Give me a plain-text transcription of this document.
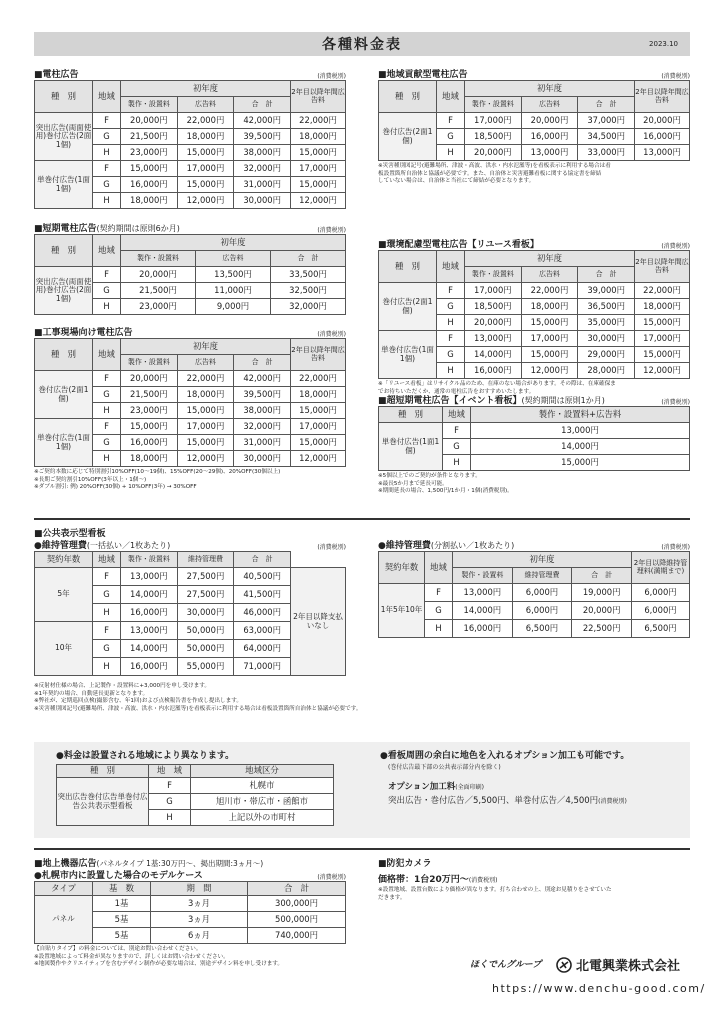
各種料金表	2023.10
■電柱広告	(消費税別)
種　別	地域	初年度			2年目以降年間広告料
		製作・設置料	広告料	合　計	
突出広告(両面使用)巻付広告(2面1個)	F	20,000円	22,000円	42,000円	22,000円
	G	21,500円	18,000円	39,500円	18,000円
	H	23,000円	15,000円	38,000円	15,000円
単巻付広告(1面1個)	F	15,000円	17,000円	32,000円	17,000円
	G	16,000円	15,000円	31,000円	15,000円
	H	18,000円	12,000円	30,000円	12,000円
■短期電柱広告(契約期間は原則6か月)	(消費税別)
種　別	地域	初年度		
		製作・設置料	広告料	合　計
突出広告(両面使用)巻付広告(2面1個)	F	20,000円	13,500円	33,500円
	G	21,500円	11,000円	32,500円
	H	23,000円	9,000円	32,000円
■工事現場向け電柱広告	(消費税別)
種　別	地域	初年度			2年目以降年間広告料
		製作・設置料	広告料	合　計	
巻付広告(2面1個)	F	20,000円	22,000円	42,000円	22,000円
	G	21,500円	18,000円	39,500円	18,000円
	H	23,000円	15,000円	38,000円	15,000円
単巻付広告(1面1個)	F	15,000円	17,000円	32,000円	17,000円
	G	16,000円	15,000円	31,000円	15,000円
	H	18,000円	12,000円	30,000円	12,000円
※ご契約本数に応じて特別割引10%OFF(10～19個)、15%OFF(20～29個)、20%OFF(30個以上)
※長期ご契約割引10%OFF(3年以上・1個～)
※ダブル割引: 例) 20%OFF(30個) + 10%OFF(3年) → 30%OFF
■地域貢献型電柱広告	(消費税別)
種　別	地域	初年度			2年目以降年間広告料
		製作・設置料	広告料	合　計	
巻付広告(2面1個)	F	17,000円	20,000円	37,000円	20,000円
	G	18,500円	16,000円	34,500円	16,000円
	H	20,000円	13,000円	33,000円	13,000円
※災害種別図記号(避難場所、津波・高波、洪水・内水氾濫等)を看板表示に利用する場合は看
板設置箇所自治体と協議が必要です。また、自治体と災害避難看板に関する協定書を締結
していない場合は、自治体と当社にて締結が必要となります。
■環境配慮型電柱広告【リユース看板】	(消費税別)
種　別	地域	初年度			2年目以降年間広告料
		製作・設置料	広告料	合　計	
巻付広告(2面1個)	F	17,000円	22,000円	39,000円	22,000円
	G	18,500円	18,000円	36,500円	18,000円
	H	20,000円	15,000円	35,000円	15,000円
単巻付広告(1面1個)	F	13,000円	17,000円	30,000円	17,000円
	G	14,000円	15,000円	29,000円	15,000円
	H	16,000円	12,000円	28,000円	12,000円
※「リユース看板」はリサイクル品のため、在庫のない場合があります。その際は、在庫確保ま
でお待ちいただくか、通常の電柱広告をおすすめいたします。
■超短期電柱広告【イベント看板】(契約期間は原則1か月)	(消費税別)
種　別	地域	製作・設置料+広告料
単巻付広告(1面1個)	F	13,000円
	G	14,000円
	H	15,000円
※5個以上でのご契約が条件となります。
※最長5か月まで延長可能。
※期間延長の場合、1,500円/1か月・1個(消費税別)。
■公共表示型看板
●維持管理費(一括払い／1枚あたり)	(消費税別)
契約年数	地域	製作・設置料	維持管理費	合　計	
5年	F	13,000円	27,500円	40,500円	2年目以降支払いなし
	G	14,000円	27,500円	41,500円	
	H	16,000円	30,000円	46,000円	
10年	F	13,000円	50,000円	63,000円	
	G	14,000円	50,000円	64,000円	
	H	16,000円	55,000円	71,000円	
●維持管理費(分割払い／1枚あたり)	(消費税別)
契約年数	地域	初年度			2年目以降維持管理料(満期まで)
		製作・設置料	維持管理費	合　計	
1年5年10年	F	13,000円	6,000円	19,000円	6,000円
	G	14,000円	6,000円	20,000円	6,000円
	H	16,000円	6,500円	22,500円	6,500円
※反射材仕様の場合、上記製作・設置料に+3,000円を申し受けます。
※1年契約の場合、自動延長更新となります。
※弊社が、定期巡回点検(撮影含む、年1回)および点検報告書を作成し提出します。
※災害種別図記号(避難場所、津波・高波、洪水・内水氾濫等)を看板表示に利用する場合は看板設置箇所自治体と協議が必要です。
●料金は設置される地域により異なります。
種　別	地　域	地域区分
突出広告巻付広告単巻付広告公共表示型看板	F	札幌市
	G	旭川市・帯広市・函館市
	H	上記以外の市町村
●看板周囲の余白に地色を入れるオプション加工も可能です。
(巻付広告最下部の公共表示部分内を除く)
オプション加工料(全面印刷)
突出広告・巻付広告／5,500円、単巻付広告／4,500円(消費税別)
■地上機器広告(パネルタイプ 1基:30万円～、掲出期間:3ヵ月～)
●札幌市内に設置した場合のモデルケース	(消費税別)
タイプ	基　数	期　間	合　計
パネル	1基	3ヵ月	300,000円
	5基	3ヵ月	500,000円
	5基	6ヵ月	740,000円
【自貼りタイプ】の料金については、別途お問い合わせください。
※設置地域によって料金が異なりますので、詳しくはお問い合わせください。
※地図製作やクリエイティブを含むデザイン制作が必要な場合は、別途デザイン料を申し受けます。
■防犯カメラ
価格帯：1台20万円～(消費税別)
※設置地域、設置台数により価格が異なります。打ち合わせの上、別途お見積りをさせていた
だきます。
ほくでんグループ	北電興業株式会社
https://www.denchu-good.com/
